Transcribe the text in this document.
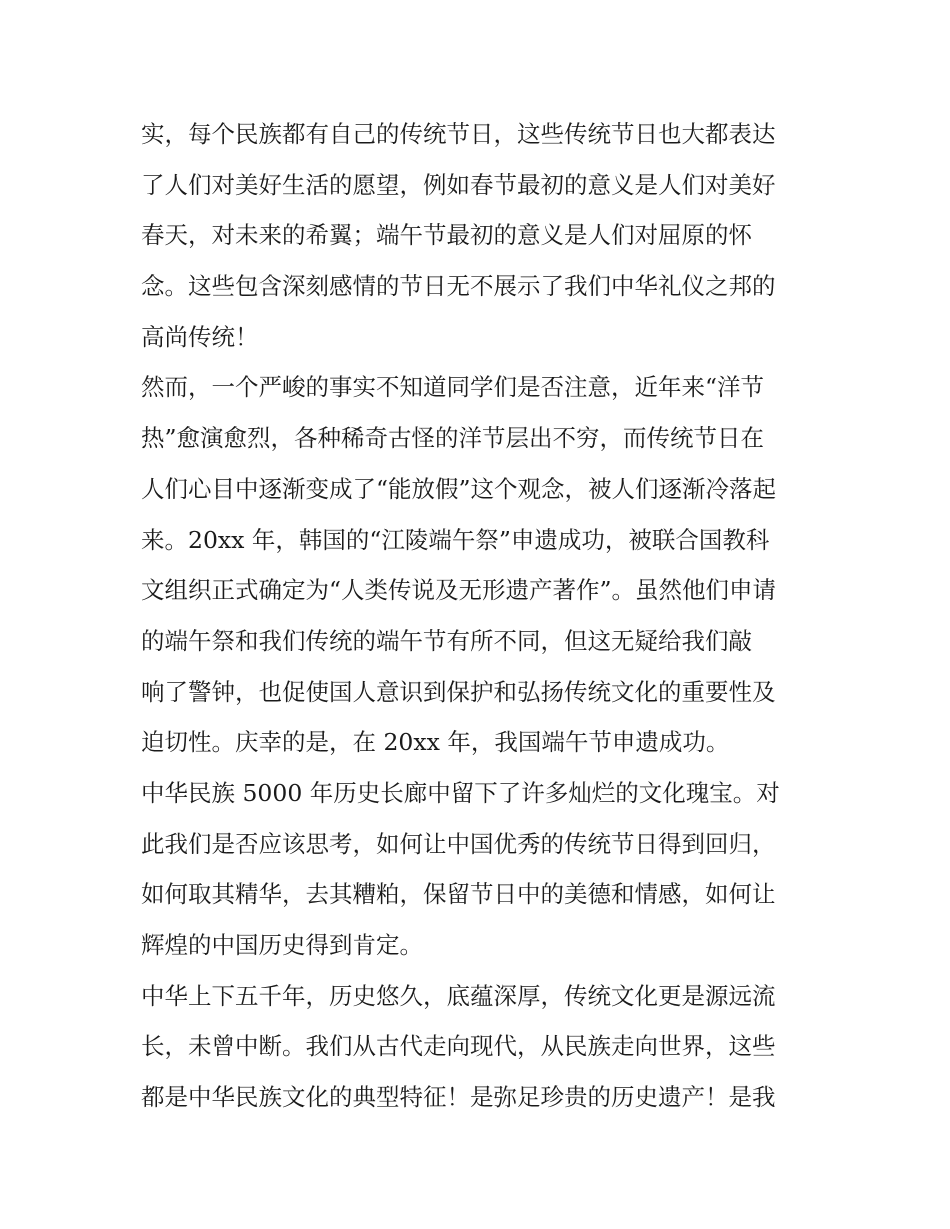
实，每个民族都有自己的传统节日，这些传统节日也大都表达
了人们对美好生活的愿望，例如春节最初的意义是人们对美好
春天，对未来的希翼；端午节最初的意义是人们对屈原的怀
念。这些包含深刻感情的节日无不展示了我们中华礼仪之邦的
高尚传统！
然而，一个严峻的事实不知道同学们是否注意，近年来“洋节
热”愈演愈烈，各种稀奇古怪的洋节层出不穷，而传统节日在
人们心目中逐渐变成了“能放假”这个观念，被人们逐渐冷落起
来。20xx 年，韩国的“江陵端午祭”申遗成功，被联合国教科
文组织正式确定为“人类传说及无形遗产著作”。虽然他们申请
的端午祭和我们传统的端午节有所不同，但这无疑给我们敲
响了警钟，也促使国人意识到保护和弘扬传统文化的重要性及
迫切性。庆幸的是，在 20xx 年，我国端午节申遗成功。
中华民族 5000 年历史长廊中留下了许多灿烂的文化瑰宝。对
此我们是否应该思考，如何让中国优秀的传统节日得到回归，
如何取其精华，去其糟粕，保留节日中的美德和情感，如何让
辉煌的中国历史得到肯定。
中华上下五千年，历史悠久，底蕴深厚，传统文化更是源远流
长，未曾中断。我们从古代走向现代，从民族走向世界，这些
都是中华民族文化的典型特征！是弥足珍贵的历史遗产！是我
